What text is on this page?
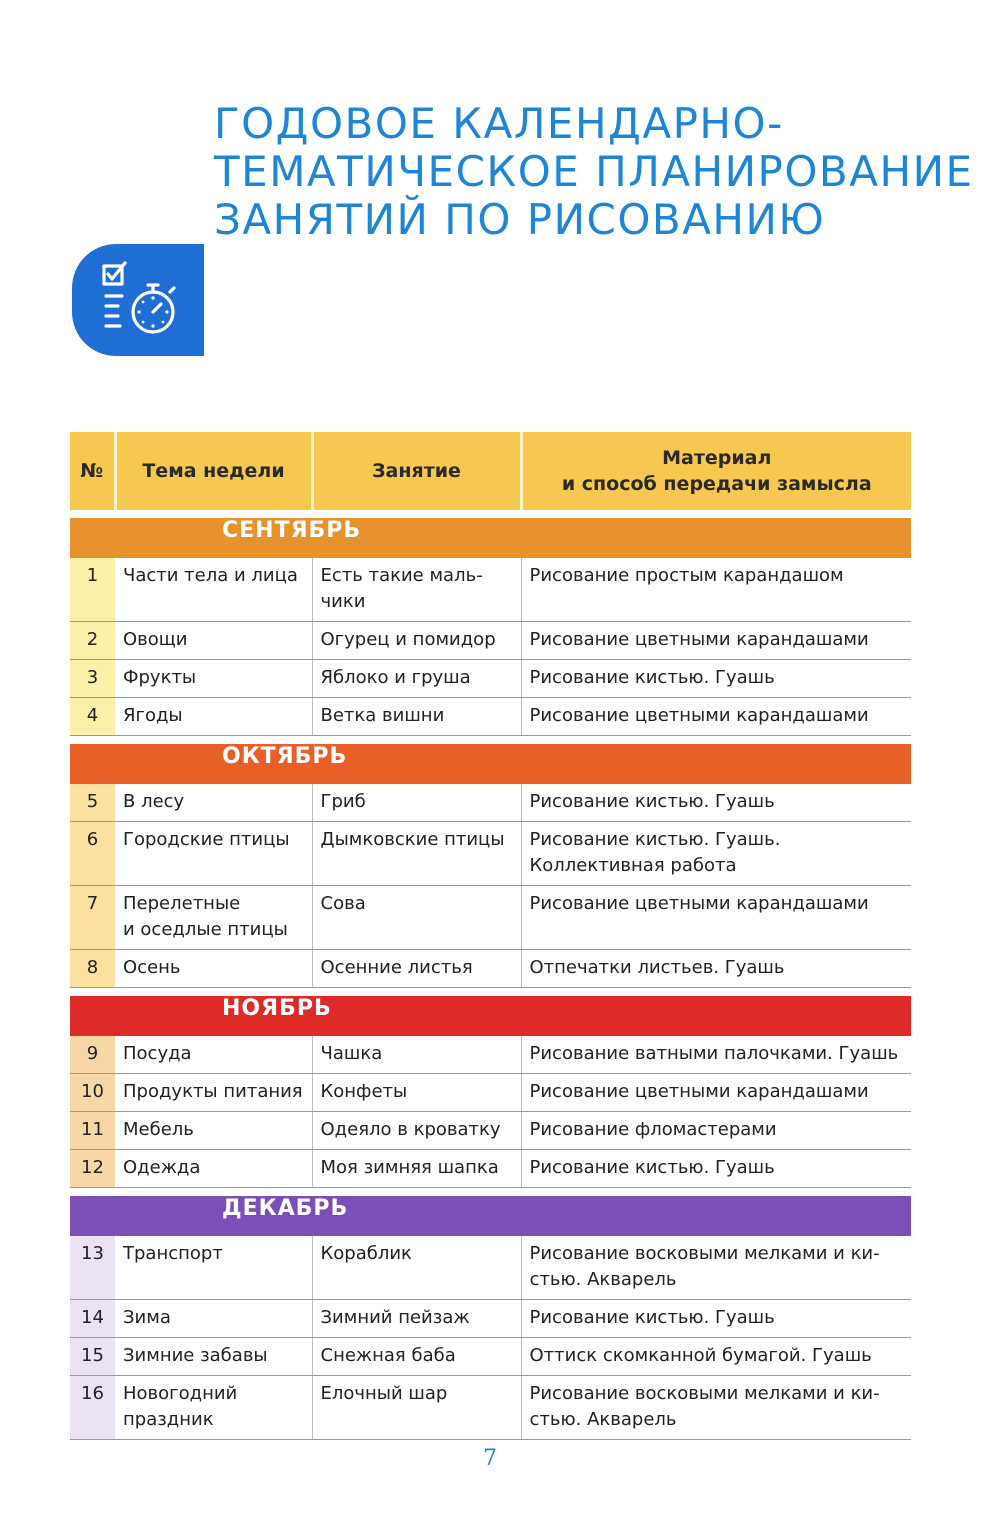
ГОДОВОЕ КАЛЕНДАРНО-
ТЕМАТИЧЕСКОЕ ПЛАНИРОВАНИЕ
ЗАНЯТИЙ ПО РИСОВАНИЮ
№	Тема недели	Занятие	Материал
и способ передачи замысла

СЕНТЯБРЬ			
1	Части тела и лица	Есть такие маль-
чики	Рисование простым карандашом
2	Овощи	Огурец и помидор	Рисование цветными карандашами
3	Фрукты	Яблоко и груша	Рисование кистью. Гуашь
4	Ягоды	Ветка вишни	Рисование цветными карандашами

ОКТЯБРЬ			
5	В лесу	Гриб	Рисование кистью. Гуашь
6	Городские птицы	Дымковские птицы	Рисование кистью. Гуашь.
Коллективная работа
7	Перелетные
и оседлые птицы	Сова	Рисование цветными карандашами
8	Осень	Осенние листья	Отпечатки листьев. Гуашь

НОЯБРЬ			
9	Посуда	Чашка	Рисование ватными палочками. Гуашь
10	Продукты питания	Конфеты	Рисование цветными карандашами
11	Мебель	Одеяло в кроватку	Рисование фломастерами
12	Одежда	Моя зимняя шапка	Рисование кистью. Гуашь

ДЕКАБРЬ			
13	Транспорт	Кораблик	Рисование восковыми мелками и ки-
стью. Акварель
14	Зима	Зимний пейзаж	Рисование кистью. Гуашь
15	Зимние забавы	Снежная баба	Оттиск скомканной бумагой. Гуашь
16	Новогодний
праздник	Елочный шар	Рисование восковыми мелками и ки-
стью. Акварель
7
